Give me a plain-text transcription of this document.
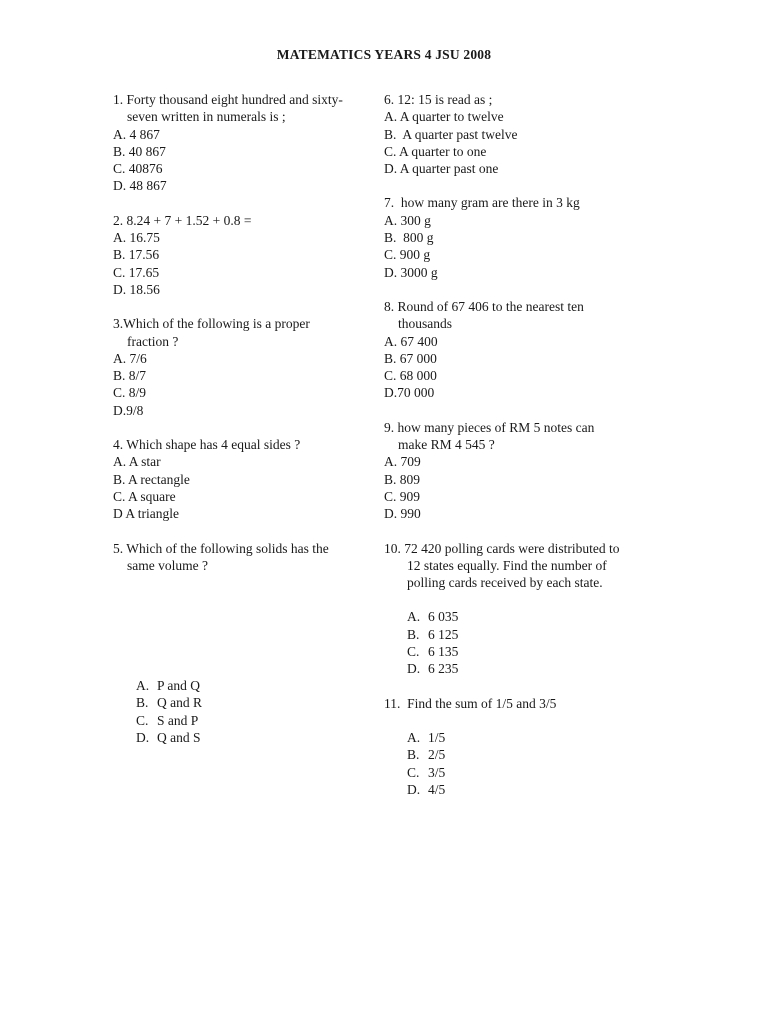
MATEMATICS YEARS 4 JSU 2008
1. Forty thousand eight hundred and sixty-
seven written in numerals is ;
A. 4 867
B. 40 867
C. 40876
D. 48 867
2. 8.24 + 7 + 1.52 + 0.8 =
A. 16.75
B. 17.56
C. 17.65
D. 18.56
3.Which of the following is a proper
fraction ?
A. 7/6
B. 8/7
C. 8/9
D.9/8
4. Which shape has 4 equal sides ?
A. A star
B. A rectangle
C. A square
D A triangle
5. Which of the following solids has the
same volume ?
A. P and Q
B. Q and R
C. S and P
D. Q and S
6. 12: 15 is read as ;
A. A quarter to twelve
B.  A quarter past twelve
C. A quarter to one
D. A quarter past one
7.  how many gram are there in 3 kg
A. 300 g
B.  800 g
C. 900 g
D. 3000 g
8. Round of 67 406 to the nearest ten
thousands
A. 67 400
B. 67 000
C. 68 000
D.70 000
9. how many pieces of RM 5 notes can
make RM 4 545 ?
A. 709
B. 809
C. 909
D. 990
10. 72 420 polling cards were distributed to
12 states equally. Find the number of
polling cards received by each state.
A. 6 035
B. 6 125
C. 6 135
D. 6 235
11.  Find the sum of 1/5 and 3/5
A. 1/5
B. 2/5
C. 3/5
D. 4/5
